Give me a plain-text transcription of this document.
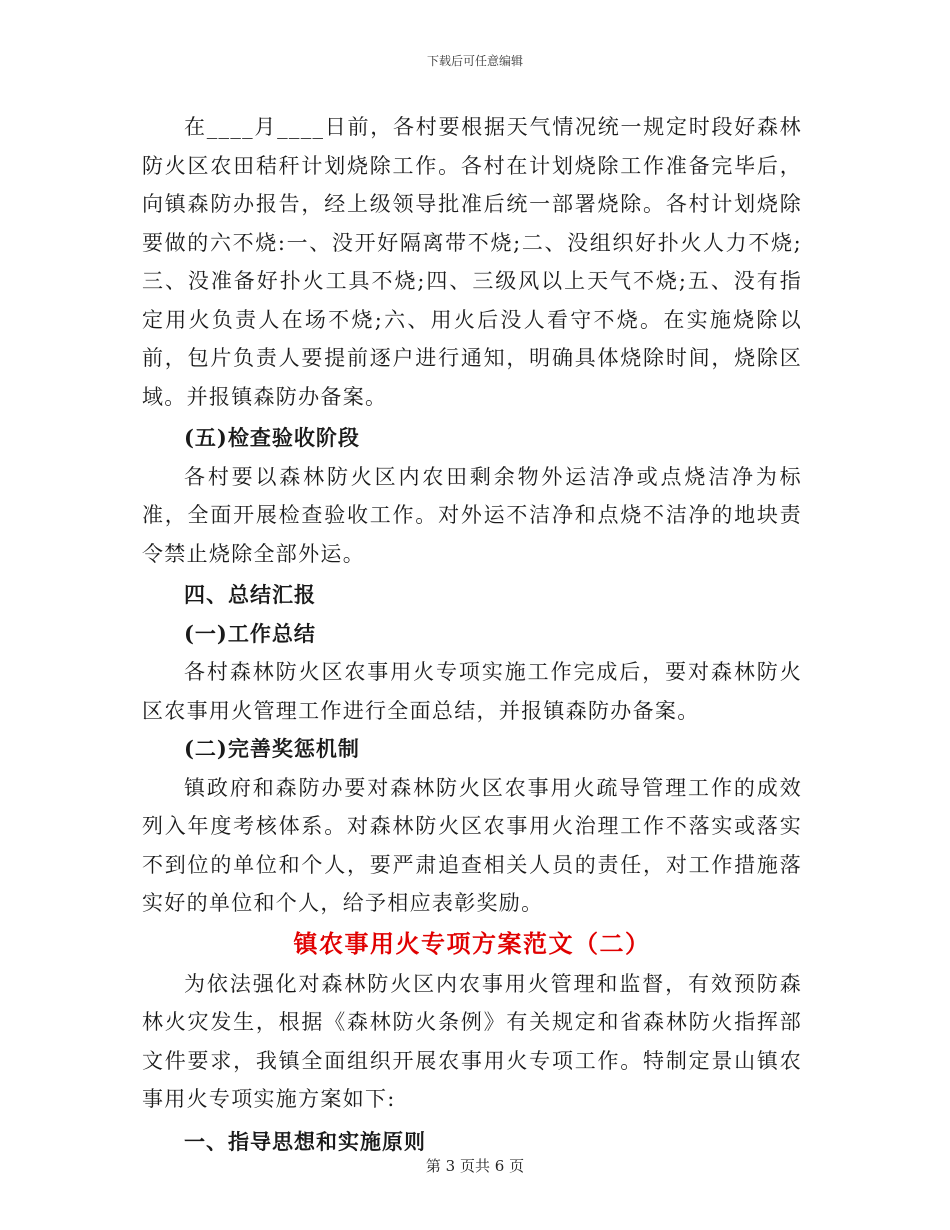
下载后可任意编辑

在____月____日前，各村要根据天气情况统一规定时段好森林防火区农田秸秆计划烧除工作。各村在计划烧除工作准备完毕后，向镇森防办报告，经上级领导批准后统一部署烧除。各村计划烧除要做的六不烧:一、没开好隔离带不烧;二、没组织好扑火人力不烧;三、没准备好扑火工具不烧;四、三级风以上天气不烧;五、没有指定用火负责人在场不烧;六、用火后没人看守不烧。在实施烧除以前，包片负责人要提前逐户进行通知，明确具体烧除时间，烧除区域。并报镇森防办备案。

(五)检查验收阶段

各村要以森林防火区内农田剩余物外运洁净或点烧洁净为标准，全面开展检查验收工作。对外运不洁净和点烧不洁净的地块责令禁止烧除全部外运。

四、总结汇报

(一)工作总结

各村森林防火区农事用火专项实施工作完成后，要对森林防火区农事用火管理工作进行全面总结，并报镇森防办备案。

(二)完善奖惩机制

镇政府和森防办要对森林防火区农事用火疏导管理工作的成效列入年度考核体系。对森林防火区农事用火治理工作不落实或落实不到位的单位和个人，要严肃追查相关人员的责任，对工作措施落实好的单位和个人，给予相应表彰奖励。

镇农事用火专项方案范文（二）

为依法强化对森林防火区内农事用火管理和监督，有效预防森林火灾发生，根据《森林防火条例》有关规定和省森林防火指挥部文件要求，我镇全面组织开展农事用火专项工作。特制定景山镇农事用火专项实施方案如下:

一、指导思想和实施原则

第 3 页共 6 页
